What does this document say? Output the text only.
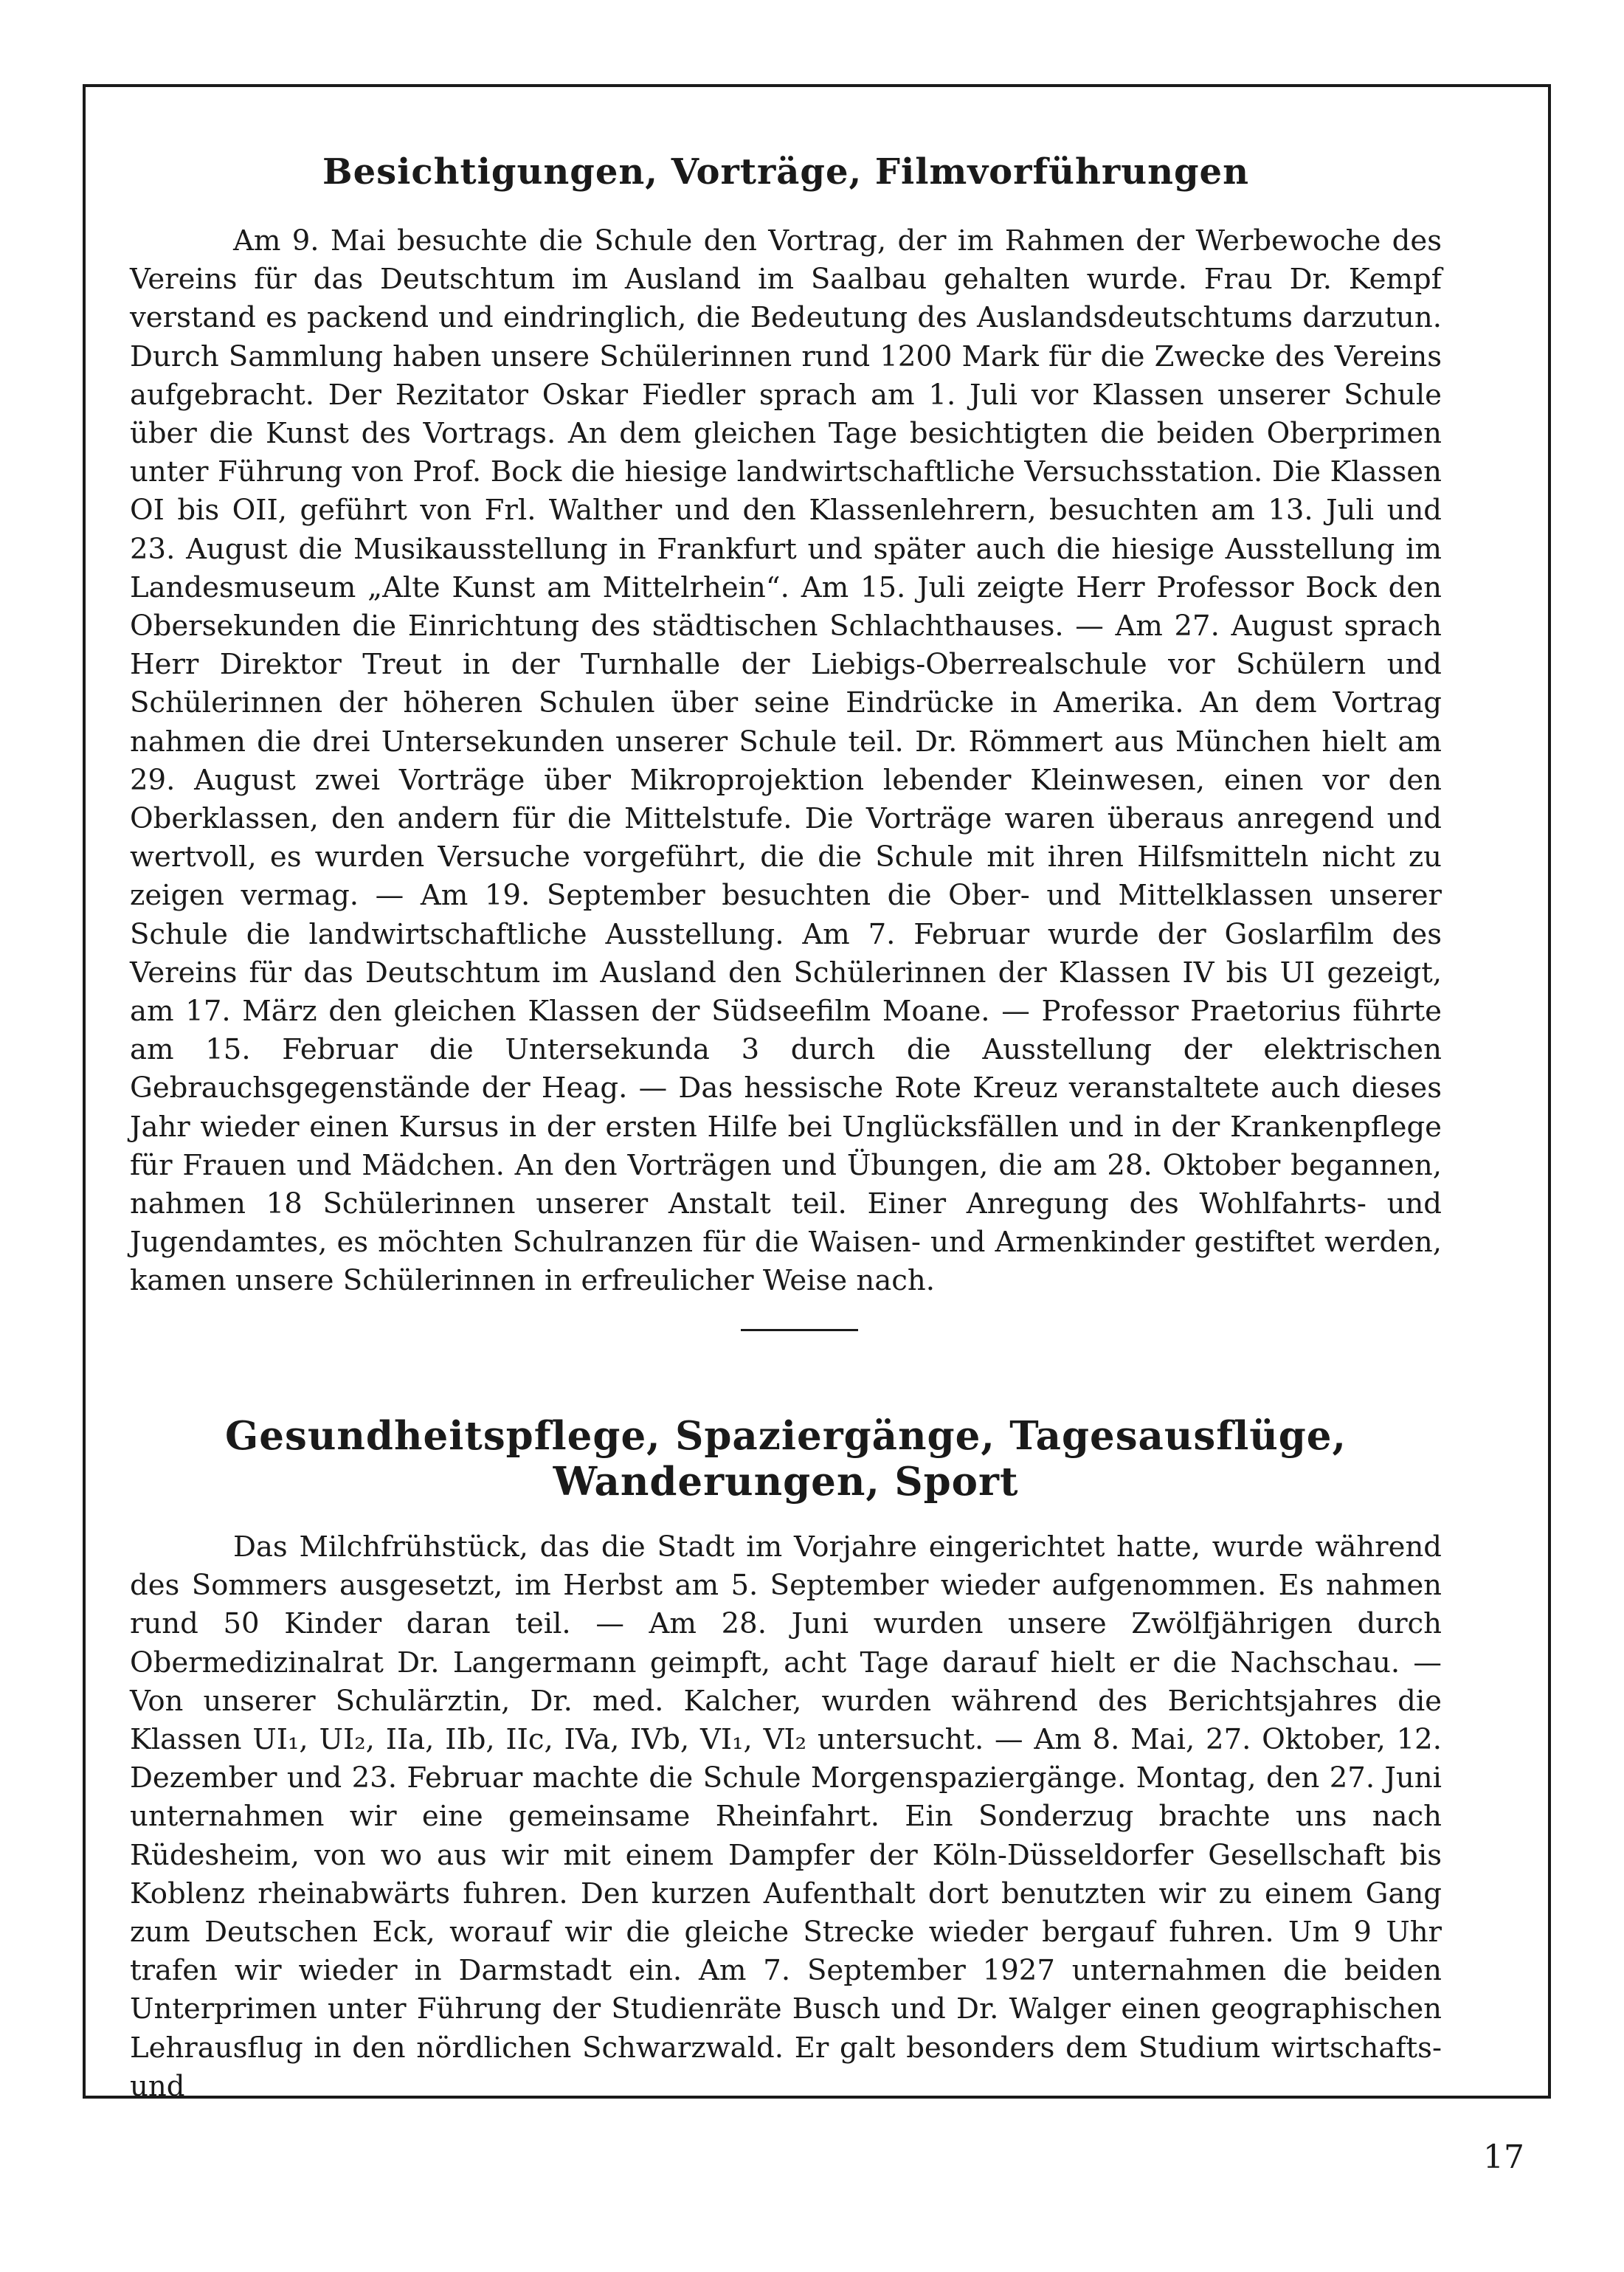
Besichtigungen, Vorträge, Filmvorführungen

Am 9. Mai besuchte die Schule den Vortrag, der im Rahmen der Werbewoche des Vereins für das Deutschtum im Ausland im Saalbau gehalten wurde. Frau Dr. Kempf verstand es packend und eindringlich, die Bedeutung des Auslandsdeutschtums darzutun. Durch Sammlung haben unsere Schülerinnen rund 1200 Mark für die Zwecke des Vereins aufgebracht. Der Rezitator Oskar Fiedler sprach am 1. Juli vor Klassen unserer Schule über die Kunst des Vortrags. An dem gleichen Tage besichtigten die beiden Oberprimen unter Führung von Prof. Bock die hiesige landwirtschaftliche Versuchsstation. Die Klassen OI bis OII, geführt von Frl. Walther und den Klassenlehrern, besuchten am 13. Juli und 23. August die Musikausstellung in Frankfurt und später auch die hiesige Ausstellung im Landesmuseum „Alte Kunst am Mittelrhein“. Am 15. Juli zeigte Herr Professor Bock den Obersekunden die Einrichtung des städtischen Schlachthauses. — Am 27. August sprach Herr Direktor Treut in der Turnhalle der Liebigs-Oberrealschule vor Schülern und Schülerinnen der höheren Schulen über seine Eindrücke in Amerika. An dem Vortrag nahmen die drei Untersekunden unserer Schule teil. Dr. Römmert aus München hielt am 29. August zwei Vorträge über Mikroprojektion lebender Kleinwesen, einen vor den Oberklassen, den andern für die Mittelstufe. Die Vorträge waren überaus anregend und wertvoll, es wurden Versuche vorgeführt, die die Schule mit ihren Hilfsmitteln nicht zu zeigen vermag. — Am 19. September besuchten die Ober- und Mittelklassen unserer Schule die landwirtschaftliche Ausstellung. Am 7. Februar wurde der Goslarfilm des Vereins für das Deutschtum im Ausland den Schülerinnen der Klassen IV bis UI gezeigt, am 17. März den gleichen Klassen der Südseefilm Moane. — Professor Praetorius führte am 15. Februar die Untersekunda 3 durch die Ausstellung der elektrischen Gebrauchsgegenstände der Heag. — Das hessische Rote Kreuz veranstaltete auch dieses Jahr wieder einen Kursus in der ersten Hilfe bei Unglücksfällen und in der Krankenpflege für Frauen und Mädchen. An den Vorträgen und Übungen, die am 28. Oktober begannen, nahmen 18 Schülerinnen unserer Anstalt teil. Einer Anregung des Wohlfahrts- und Jugendamtes, es möchten Schulranzen für die Waisen- und Armenkinder gestiftet werden, kamen unsere Schülerinnen in erfreulicher Weise nach.

Gesundheitspflege, Spaziergänge, Tagesausflüge, Wanderungen, Sport

Das Milchfrühstück, das die Stadt im Vorjahre eingerichtet hatte, wurde während des Sommers ausgesetzt, im Herbst am 5. September wieder aufgenommen. Es nahmen rund 50 Kinder daran teil. — Am 28. Juni wurden unsere Zwölfjährigen durch Obermedizinalrat Dr. Langermann geimpft, acht Tage darauf hielt er die Nachschau. — Von unserer Schulärztin, Dr. med. Kalcher, wurden während des Berichtsjahres die Klassen UI₁, UI₂, IIa, IIb, IIc, IVa, IVb, VI₁, VI₂ untersucht. — Am 8. Mai, 27. Oktober, 12. Dezember und 23. Februar machte die Schule Morgenspaziergänge. Montag, den 27. Juni unternahmen wir eine gemeinsame Rheinfahrt. Ein Sonderzug brachte uns nach Rüdesheim, von wo aus wir mit einem Dampfer der Köln-Düsseldorfer Gesellschaft bis Koblenz rheinabwärts fuhren. Den kurzen Aufenthalt dort benutzten wir zu einem Gang zum Deutschen Eck, worauf wir die gleiche Strecke wieder bergauf fuhren. Um 9 Uhr trafen wir wieder in Darmstadt ein. Am 7. September 1927 unternahmen die beiden Unterprimen unter Führung der Studienräte Busch und Dr. Walger einen geographischen Lehrausflug in den nördlichen Schwarzwald. Er galt besonders dem Studium wirtschafts- und

17
